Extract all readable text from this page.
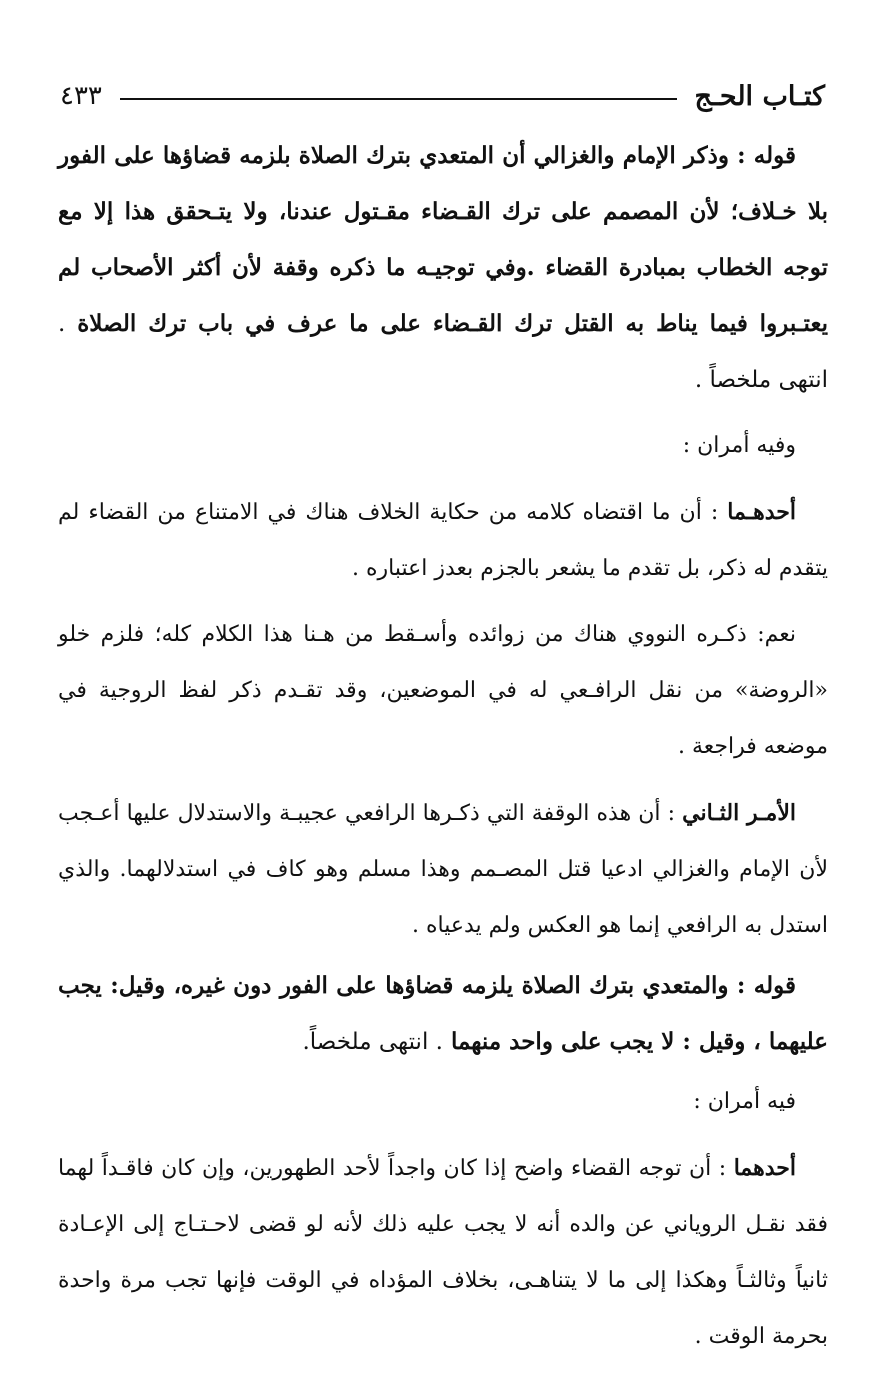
كتـاب الحـج
٤٣٣

قوله : وذكر الإمام والغزالي أن المتعدي بترك الصلاة بلزمه قضاؤها على الفور بلا خـلاف؛ لأن المصمم على ترك القـضاء مقـتول عندنا، ولا يتـحقق هذا إلا مع توجه الخطاب بمبادرة القضاء .وفي توجيـه ما ذكره وقفة لأن أكثر الأصحاب لم يعتـبروا فيما يناط به القتل ترك القـضاء على ما عرف في باب ترك الصلاة . انتهى ملخصاً .

وفيه أمران :

أحدهـما : أن ما اقتضاه كلامه من حكاية الخلاف هناك في الامتناع من القضاء لم يتقدم له ذكر، بل تقدم ما يشعر بالجزم بعدز اعتباره .

نعم: ذكـره النووي هناك من زوائده وأسـقط من هـنا هذا الكلام كله؛ فلزم خلو «الروضة» من نقل الرافـعي له في الموضعين، وقد تقـدم ذكر لفظ الروجية في موضعه فراجعة .

الأمـر الثـاني : أن هذه الوقفة التي ذكـرها الرافعي عجيبـة والاستدلال عليها أعـجب لأن الإمام والغزالي ادعيا قتل المصـمم وهذا مسلم وهو كاف في استدلالهما. والذي استدل به الرافعي إنما هو العكس ولم يدعياه .

قوله : والمتعدي بترك الصلاة يلزمه قضاؤها على الفور دون غيره، وقيل: يجب عليهما ، وقيل : لا يجب على واحد منهما . انتهى ملخصاً.

فيه أمران :

أحدهما : أن توجه القضاء واضح إذا كان واجداً لأحد الطهورين، وإن كان فاقـداً لهما فقد نقـل الروياني عن والده أنه لا يجب عليه ذلك لأنه لو قضى لاحـتـاج إلى الإعـادة ثانياً وثالثـاً وهكذا إلى ما لا يتناهـى، بخلاف المؤداه في الوقت فإنها تجب مرة واحدة بحرمة الوقت .
